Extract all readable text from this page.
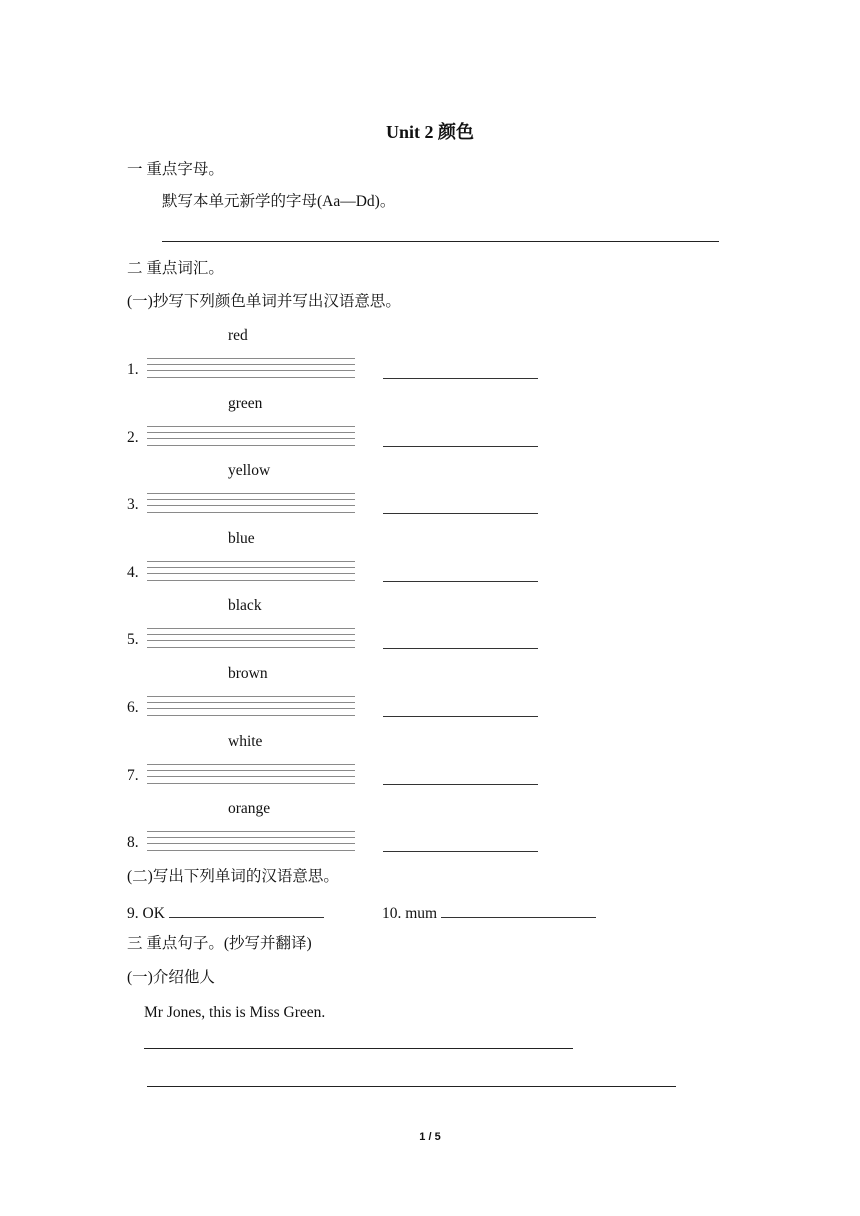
Unit 2 颜色
一 重点字母。
默写本单元新学的字母(Aa—Dd)。
二 重点词汇。
(一)抄写下列颜色单词并写出汉语意思。
red
1.
green
2.
yellow
3.
blue
4.
black
5.
brown
6.
white
7.
orange
8.
(二)写出下列单词的汉语意思。
9. OK	10. mum
三 重点句子。(抄写并翻译)
(一)介绍他人
Mr Jones, this is Miss Green.
1 / 5
